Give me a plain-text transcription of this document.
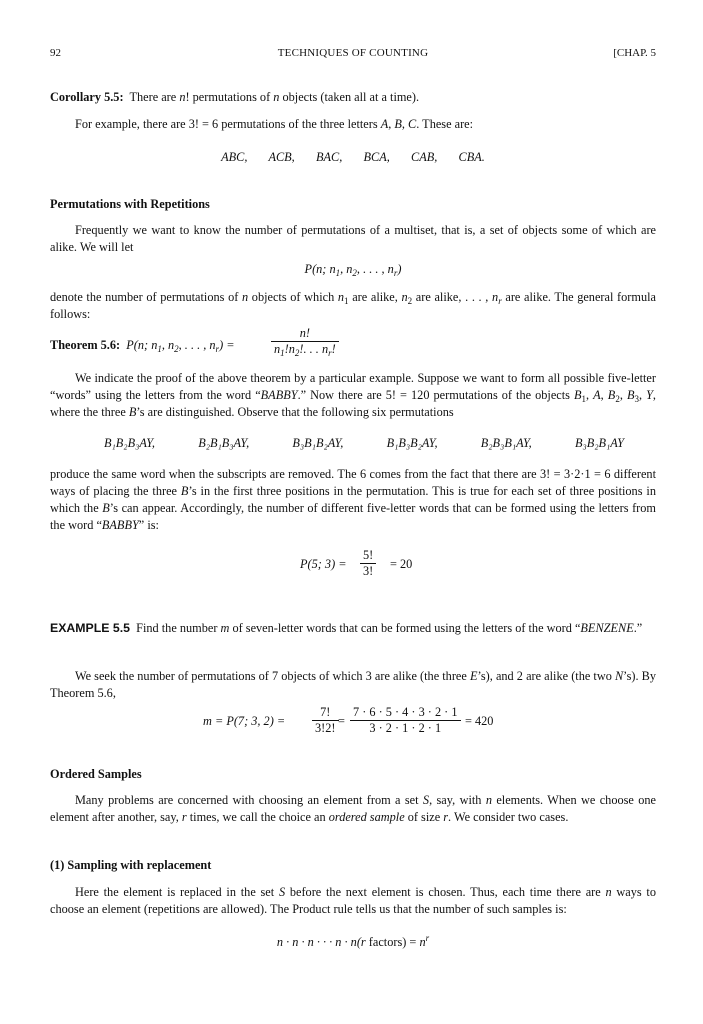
92	TECHNIQUES OF COUNTING	[CHAP. 5
Corollary 5.5: There are n! permutations of n objects (taken all at a time).
For example, there are 3! = 6 permutations of the three letters A, B, C. These are:
ABC,   ACB,   BAC,   BCA,   CAB,   CBA.
Permutations with Repetitions
Frequently we want to know the number of permutations of a multiset, that is, a set of objects some of which are alike. We will let
P(n; $n_1$, $n_2$, . . . , $n_r$)
denote the number of permutations of n objects of which $n_1$ are alike, $n_2$ are alike, . . . , $n_r$ are alike. The general formula follows:
Theorem 5.6: P(n; $n_1$, $n_2$, . . . , $n_r$) =	$\frac{n!}{n_1!n_2!. . . n_r!}$
We indicate the proof of the above theorem by a particular example. Suppose we want to form all possible five-letter “words” using the letters from the word “BABBY.” Now there are 5! = 120 permutations of the objects $B_1$, A, $B_2$, $B_3$, Y, where the three B’s are distinguished. Observe that the following six permutations
B₁B₂B₃AY,	B₂B₁B₃AY,	B₃B₁B₂AY,	B₁B₃B₂AY,	B₂B₃B₁AY,	B₃B₂B₁AY
produce the same word when the subscripts are removed. The 6 comes from the fact that there are 3! = 3·2·1 = 6 different ways of placing the three B’s in the first three positions in the permutation. This is true for each set of three positions in which the B’s can appear. Accordingly, the number of different five-letter words that can be formed using the letters from the word “BABBY” is:
P(5; $3) = \frac{5!}{3!} = 20$
EXAMPLE 5.5 Find the number m of seven-letter words that can be formed using the letters of the word “BENZENE.”
We seek the number of permutations of 7 objects of which 3 are alike (the three E’s), and 2 are alike (the two N’s). By Theorem 5.6,
m = P(7; 3, $2) = \frac{7!}{3!2!} = \frac{7 \cdot 6 \cdot 5 \cdot 4 \cdot 3 \cdot 2 \cdot 1}{3 \cdot 2 \cdot 1 \cdot 2 \cdot 1} = 420$
Ordered Samples
Many problems are concerned with choosing an element from a set S, say, with n elements. When we choose one element after another, say, r times, we call the choice an ordered sample of size r. We consider two cases.
(1) Sampling with replacement
Here the element is replaced in the set S before the next element is chosen. Thus, each time there are n ways to choose an element (repetitions are allowed). The Product rule tells us that the number of such samples is:
n · n · n · · · n · n(r factors) = $n^r$
